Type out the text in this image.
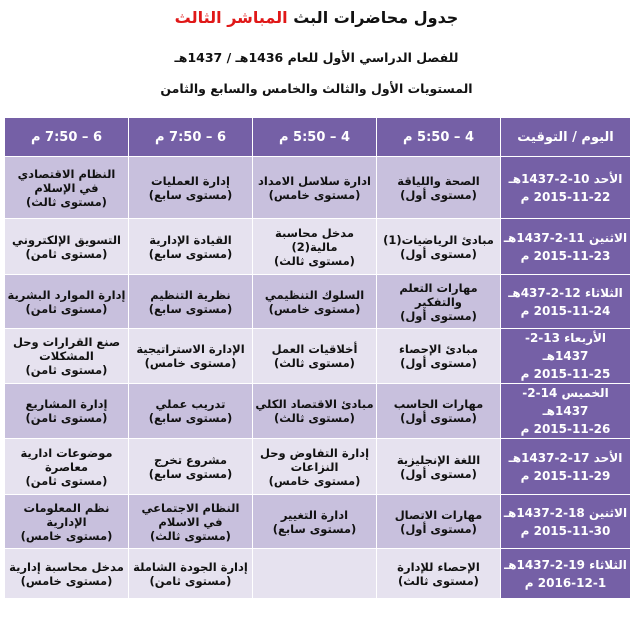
جدول محاضرات البث المباشر الثالث
للفصل الدراسي الأول للعام 1436هـ / 1437هـ
المستويات الأول والثالث والخامس والسابع والثامن
اليوم / التوقيت	4 – 5:50 م	4 – 5:50 م	6 – 7:50 م	6 – 7:50 م

الأحد 10-2-1437هـ
2015-11-22 م	الصحة واللياقة
(مستوى أول)	ادارة سلاسل الامداد
(مستوى خامس)	إدارة العمليات
(مستوى سابع)	النظام الاقتصادي في الإسلام
(مستوى ثالث)

الاثنين 11-2-1437هـ
2015-11-23 م	مبادئ الرياضيات(1)
(مستوى أول)	مدخل محاسبة مالية(2)
(مستوى ثالث)	القيادة الإدارية
(مستوى سابع)	التسويق الإلكتروني
(مستوى ثامن)

الثلاثاء 12-2-437هـ
2015-11-24 م	مهارات التعلم والتفكير
(مستوى أول)	السلوك التنظيمي
(مستوى خامس)	نظرية التنظيم
(مستوى سابع)	إدارة الموارد البشرية
(مستوى ثامن)

الأربعاء 13-2-1437هـ
2015-11-25 م	مبادئ الإحصاء
(مستوى أول)	أخلاقيات العمل
(مستوى ثالث)	الإدارة الاستراتيجية
(مستوى خامس)	صنع القرارات وحل المشكلات
(مستوى ثامن)

الخميس 14-2-1437هـ
2015-11-26 م	مهارات الحاسب
(مستوى أول)	مبادئ الاقتصاد الكلي
(مستوى ثالث)	تدريب عملي
(مستوى سابع)	إدارة المشاريع
(مستوى ثامن)

الأحد 17-2-1437هـ
2015-11-29 م	اللغة الإنجليزية
(مستوى أول)	إدارة التفاوض وحل النزاعات
(مستوى خامس)	مشروع تخرج
(مستوى سابع)	موضوعات ادارية معاصرة
(مستوى ثامن)

الاثنين 18-2-1437هـ
2015-11-30 م	مهارات الاتصال
(مستوى أول)	ادارة التغيير
(مستوى سابع)	النظام الاجتماعي في الاسلام
(مستوى ثالث)	نظم المعلومات الإدارية
(مستوى خامس)

الثلاثاء 19-2-1437هـ
2016-12-1 م	الإحصاء للإدارة
(مستوى ثالث)		إدارة الجودة الشاملة
(مستوى ثامن)	مدخل محاسبة إدارية
(مستوى خامس)
